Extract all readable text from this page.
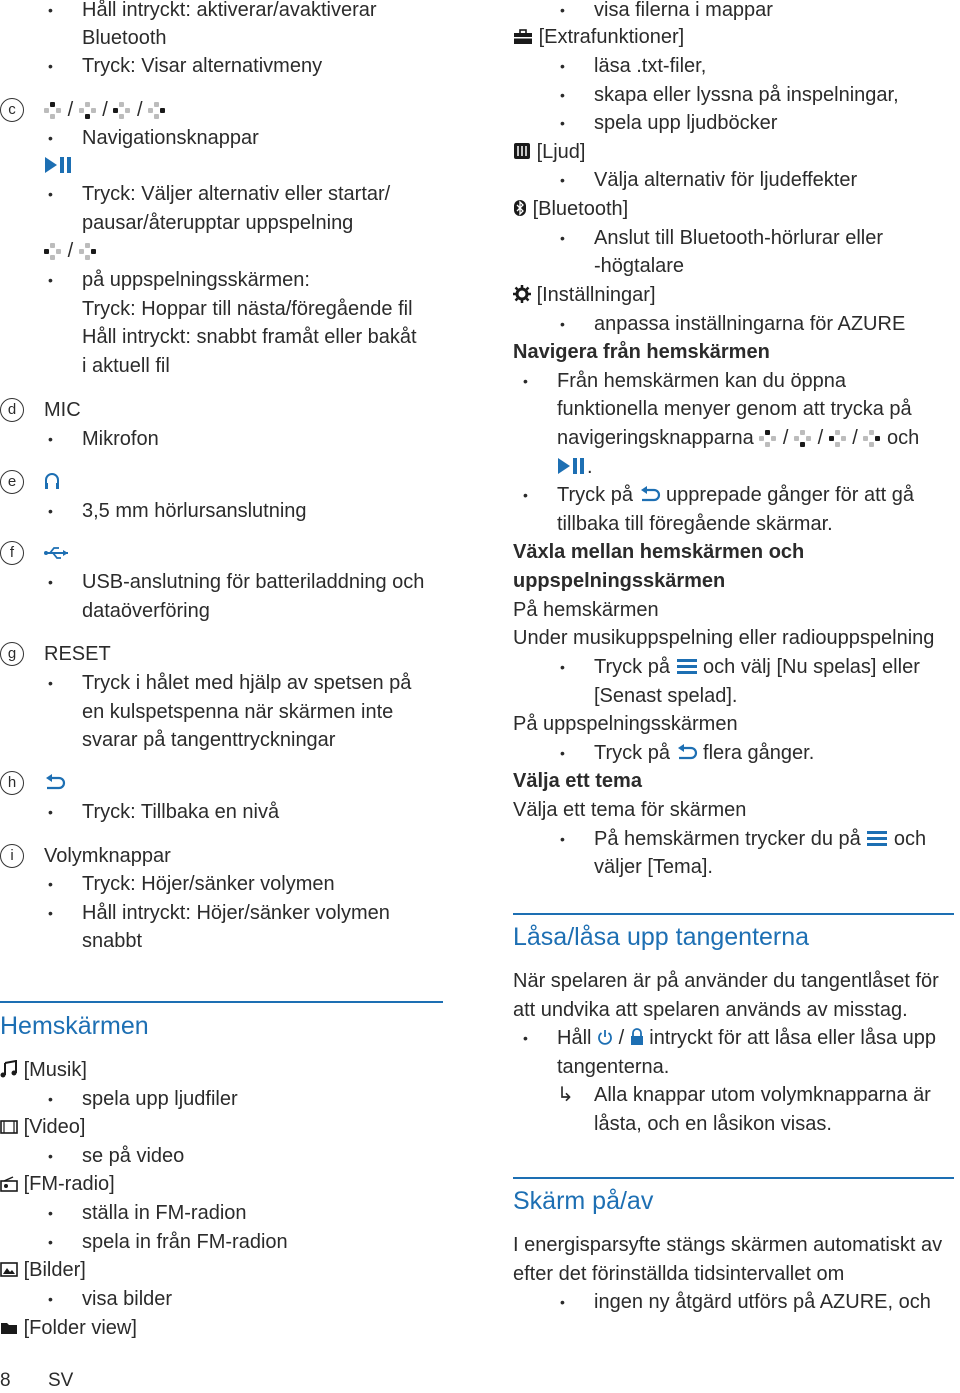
• Håll intryckt: aktiverar/avaktiverar
Bluetooth
• Tryck: Visar alternativmeny
c	/ / /
• Navigationsknappar
• Tryck: Väljer alternativ eller startar/
pausar/återupptar uppspelning
/
• på uppspelningsskärmen:
Tryck: Hoppar till nästa/föregående fil
Håll intryckt: snabbt framåt eller bakåt
i aktuell fil
d	MIC
• Mikrofon
e
• 3,5 mm hörlursanslutning
f
• USB-anslutning för batteriladdning och
dataöverföring
g	RESET
• Tryck i hålet med hjälp av spetsen på
en kulspetspenna när skärmen inte
svarar på tangenttryckningar
h
• Tryck: Tillbaka en nivå
i	Volymknappar
• Tryck: Höjer/sänker volymen
• Håll intryckt: Höjer/sänker volymen
snabbt
Hemskärmen
[Musik]
• spela upp ljudfiler
[Video]
• se på video
[FM-radio]
• ställa in FM-radion
• spela in från FM-radion
[Bilder]
• visa bilder
[Folder view]
8 SV
• visa filerna i mappar
[Extrafunktioner]
• läsa .txt-filer,
• skapa eller lyssna på inspelningar,
• spela upp ljudböcker
[Ljud]
• Välja alternativ för ljudeffekter
[Bluetooth]
• Anslut till Bluetooth-hörlurar eller
-högtalare
[Inställningar]
• anpassa inställningarna för AZURE
Navigera från hemskärmen
• Från hemskärmen kan du öppna
funktionella menyer genom att trycka på
navigeringsknapparna
/
/
/
och
.
• Tryck på  upprepade gånger för att gå
tillbaka till föregående skärmar.
Växla mellan hemskärmen och
uppspelningsskärmen
På hemskärmen
Under musikuppspelning eller radiouppspelning
• Tryck på  och välj [Nu spelas] eller
[Senast spelad].
På uppspelningsskärmen
• Tryck på  flera gånger.
Välja ett tema
Välja ett tema för skärmen
• På hemskärmen trycker du på  och
väljer [Tema].
Låsa/låsa upp tangenterna
När spelaren är på använder du tangentlåset för
att undvika att spelaren används av misstag.
• Håll  /  intryckt för att låsa eller låsa upp
tangenterna.
↳ Alla knappar utom volymknapparna är
låsta, och en låsikon visas.
Skärm på/av
I energisparsyfte stängs skärmen automatiskt av
efter det förinställda tidsintervallet om
• ingen ny åtgärd utförs på AZURE, och
